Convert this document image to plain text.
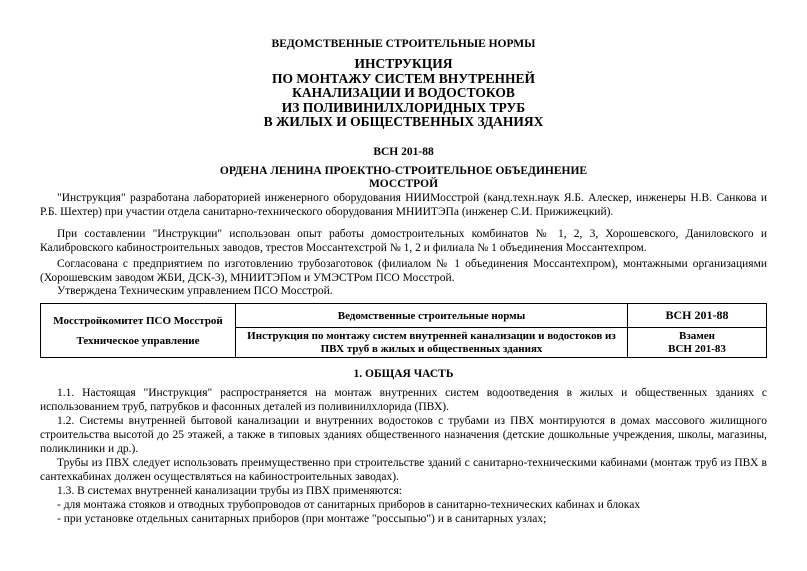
ВЕДОМСТВЕННЫЕ СТРОИТЕЛЬНЫЕ НОРМЫ
ИНСТРУКЦИЯ
ПО МОНТАЖУ СИСТЕМ ВНУТРЕННЕЙ
КАНАЛИЗАЦИИ И ВОДОСТОКОВ
ИЗ ПОЛИВИНИЛХЛОРИДНЫХ ТРУБ
В ЖИЛЫХ И ОБЩЕСТВЕННЫХ ЗДАНИЯХ
ВСН 201-88
ОРДЕНА ЛЕНИНА ПРОЕКТНО-СТРОИТЕЛЬНОЕ ОБЪЕДИНЕНИЕ
МОССТРОЙ
"Инструкция" разработана лабораторией инженерного оборудования НИИМосстрой (канд.техн.наук Я.Б. Алескер, инженеры Н.В. Санкова и Р.Б. Шехтер) при участии отдела санитарно-технического оборудования МНИИТЭПа (инженер С.И. Прижижецкий).
При составлении "Инструкции" использован опыт работы домостроительных комбинатов № 1, 2, 3, Хорошевского, Даниловского и Калибровского кабиностроительных заводов, трестов Моссантехстрой № 1, 2 и филиала № 1 объединения Моссантехпром.
Согласована с предприятием по изготовлению трубозаготовок (филиалом № 1 объединения Моссантехпром), монтажными организациями (Хорошевским заводом ЖБИ, ДСК-3), МНИИТЭПом и УМЭСТРом ПСО Мосстрой.
Утверждена Техническим управлением ПСО Мосстрой.
Мосстройкомитет ПСО Мосстрой
Техническое управление	Ведомственные строительные нормы	ВСН 201-88
	Инструкция по монтажу систем внутренней канализации и водостоков из ПВХ труб в жилых и общественных зданиях	Взамен
ВСН 201-83
1. ОБЩАЯ ЧАСТЬ
1.1. Настоящая "Инструкция" распространяется на монтаж внутренних систем водоотведения в жилых и общественных зданиях с использованием труб, патрубков и фасонных деталей из поливинилхлорида (ПВХ).
1.2. Системы внутренней бытовой канализации и внутренних водостоков с трубами из ПВХ монтируются в домах массового жилищного строительства высотой до 25 этажей, а также в типовых зданиях общественного назначения (детские дошкольные учреждения, школы, магазины, поликлиники и др.).
Трубы из ПВХ следует использовать преимущественно при строительстве зданий с санитарно-техническими кабинами (монтаж труб из ПВХ в сантехкабинах должен осуществляться на кабиностроительных заводах).
1.3. В системах внутренней канализации трубы из ПВХ применяются:
- для монтажа стояков и отводных трубопроводов от санитарных приборов в санитарно-технических кабинах и блоках
- при установке отдельных санитарных приборов (при монтаже "россыпью") и в санитарных узлах;
